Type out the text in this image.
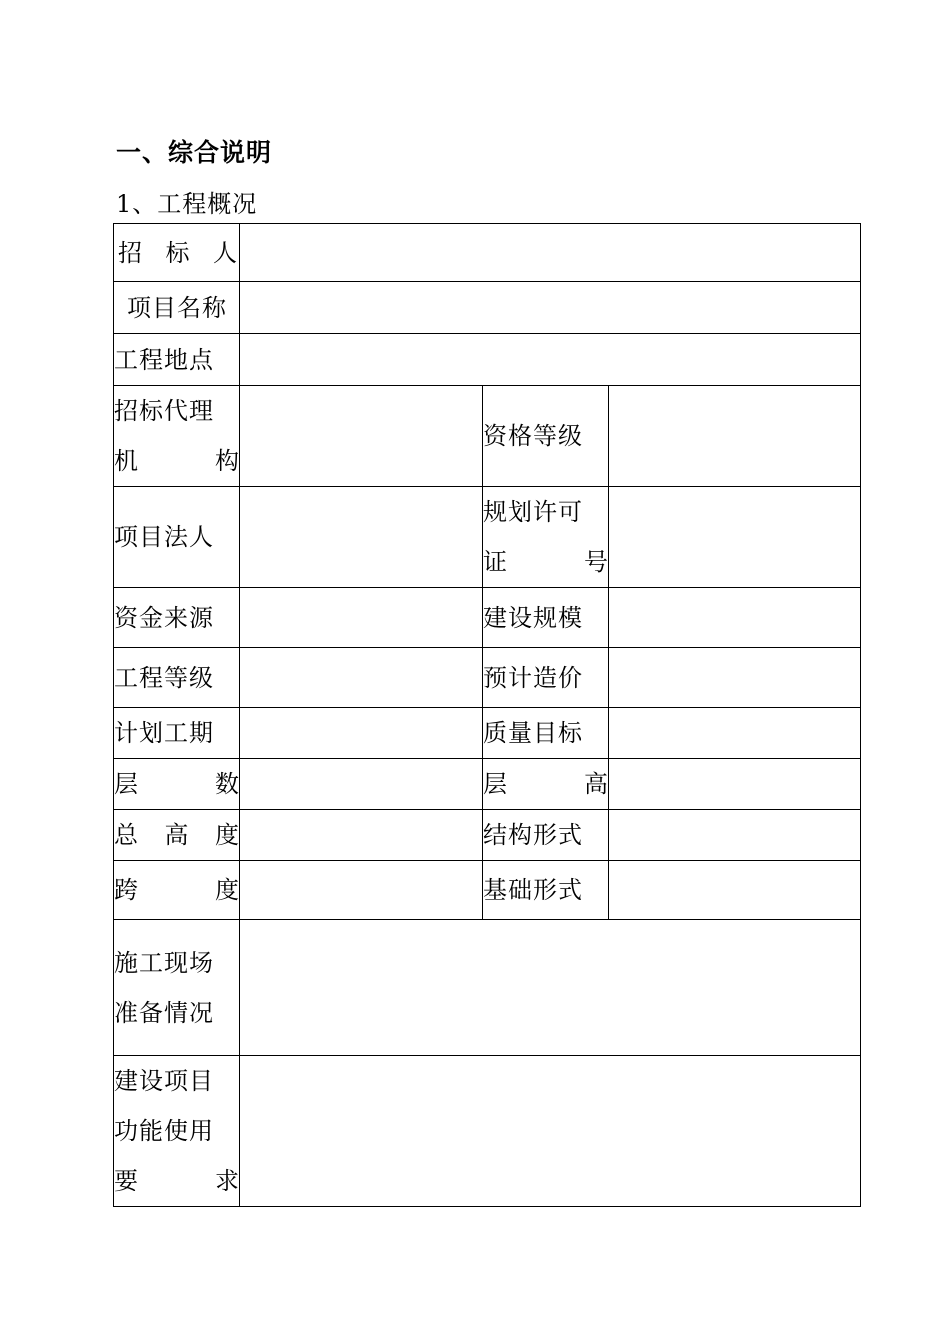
一、综合说明
1、工程概况
招 标 人			

项目名称			
工程地点			

招标代理
机 构		资格等级	
项目法人		规划许可
证 号	

资金来源		建设规模	
工程等级		预计造价	
计划工期		质量目标	

层 数		层 高	

总 高 度		结构形式	

跨 度		基础形式	

施工现场
准备情况			

建设项目
功能使用
要 求			
